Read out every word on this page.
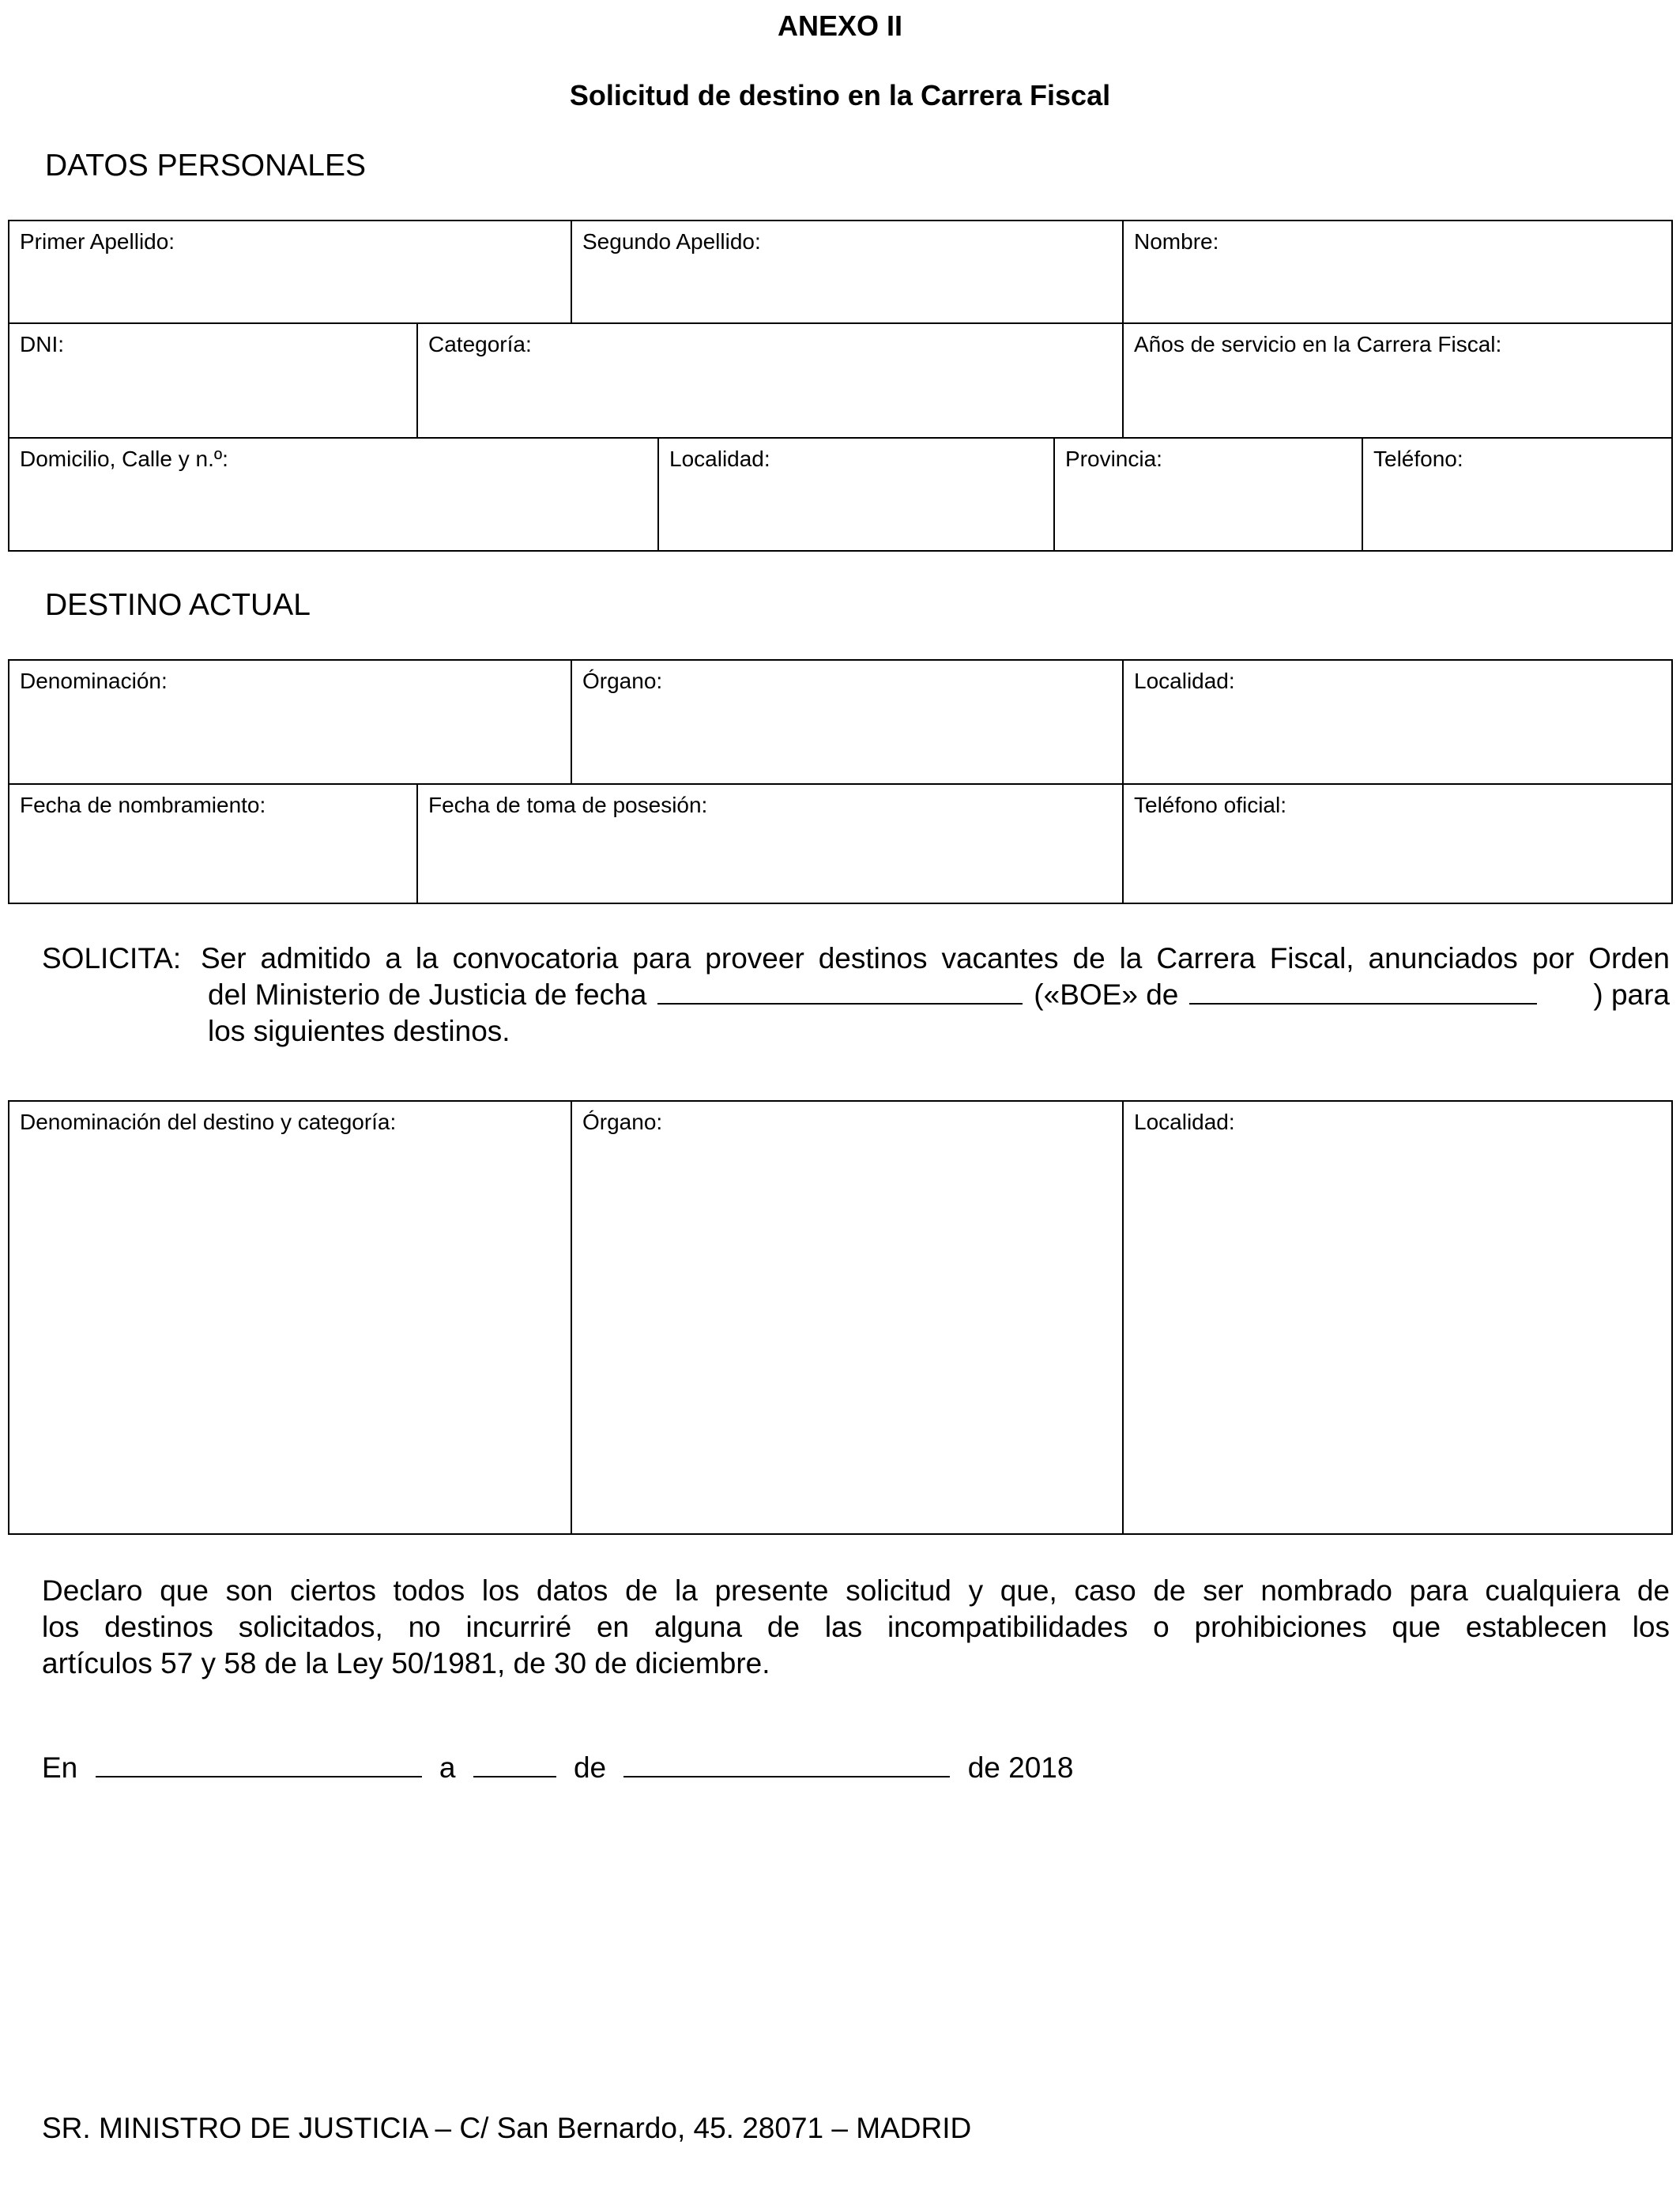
ANEXO II
Solicitud de destino en la Carrera Fiscal
DATOS PERSONALES
Primer Apellido:	Segundo Apellido:	Nombre:
DNI:	Categoría:	Años de servicio en la Carrera Fiscal:
Domicilio, Calle y n.º:	Localidad:	Provincia:	Teléfono:
DESTINO ACTUAL
Denominación:	Órgano:	Localidad:
Fecha de nombramiento:	Fecha de toma de posesión:	Teléfono oficial:
SOLICITA: Ser admitido a la convocatoria para proveer destinos vacantes de la Carrera Fiscal, anunciados por Orden
del Ministerio de Justicia de fecha	(«BOE» de	) para
los siguientes destinos.
Denominación del destino y categoría:	Órgano:	Localidad:
Declaro que son ciertos todos los datos de la presente solicitud y que, caso de ser nombrado para cualquiera de
los destinos solicitados, no incurriré en alguna de las incompatibilidades o prohibiciones que establecen los
artículos 57 y 58 de la Ley 50/1981, de 30 de diciembre.
En	a	de	de 2018
SR. MINISTRO DE JUSTICIA – C/ San Bernardo, 45. 28071 – MADRID
